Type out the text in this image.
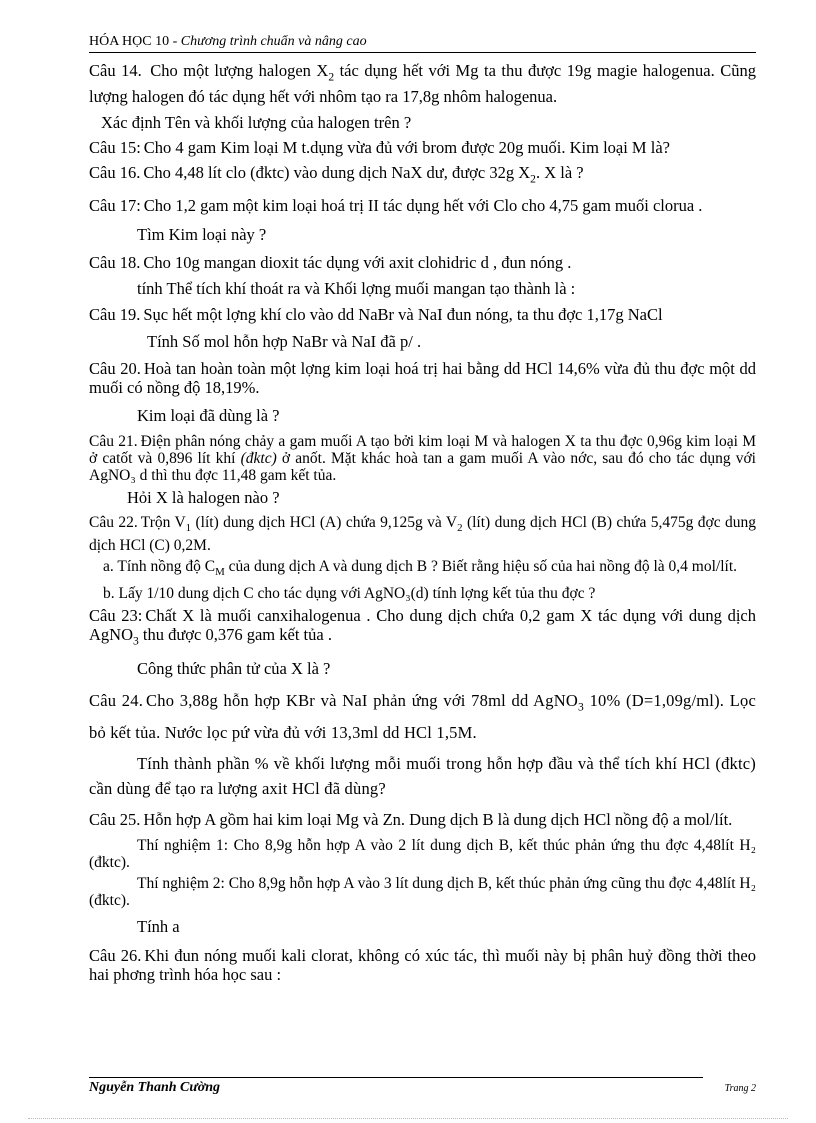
HÓA HỌC 10 - Chương trình chuẩn và nâng cao
Câu 14. Cho một lượng halogen $X_2$ tác dụng hết với Mg ta thu được 19g magie halogenua. Cũng lượng halogen đó tác dụng hết với nhôm tạo ra 17,8g nhôm halogenua.
Xác định Tên và khối lượng của halogen trên ?
Câu 15: Cho 4 gam Kim loại M t.dụng vừa đủ với brom được 20g muối. Kim loại M là?
Câu 16. Cho 4,48 lít clo (đktc) vào dung dịch NaX dư, được 32g $X_2$. X là ?
Câu 17: Cho 1,2 gam một kim loại hoá trị II tác dụng hết với Clo cho 4,75 gam muối clorua .
Tìm Kim loại này ?
Câu 18. Cho 10g mangan dioxit tác dụng với axit clohidric d , đun nóng .
tính Thể tích khí thoát ra và Khối lợng muối mangan tạo thành là :
Câu 19. Sục hết một lợng khí clo vào dd NaBr và NaI đun nóng, ta thu đợc 1,17g NaCl
Tính Số mol hỗn hợp NaBr và NaI đã p/ .
Câu 20. Hoà tan hoàn toàn một lợng kim loại hoá trị hai bằng dd HCl 14,6% vừa đủ thu đợc một dd muối có nồng độ 18,19%.
Kim loại đã dùng là ?
Câu 21. Điện phân nóng chảy a gam muối A tạo bởi kim loại M và halogen X ta thu đợc 0,96g kim loại M ở catốt và 0,896 lít khí (đktc) ở anốt. Mặt khác hoà tan a gam muối A vào nớc, sau đó cho tác dụng với AgNO₃ d thì thu đợc 11,48 gam kết tủa.
Hỏi X là halogen nào ?
Câu 22. Trộn $V_1$ (lít) dung dịch HCl (A) chứa 9,125g và $V_2$ (lít) dung dịch HCl (B) chứa 5,475g đợc dung dịch HCl (C) 0,2M.
a. Tính nồng độ $C_M$ của dung dịch A và dung dịch B ? Biết rằng hiệu số của hai nồng độ là 0,4 mol/lít.
b. Lấy 1/10 dung dịch C cho tác dụng với AgNO₃(d) tính lợng kết tủa thu đợc ?
Câu 23: Chất X là muối canxihalogenua . Cho dung dịch chứa 0,2 gam X tác dụng với dung dịch AgNO$_3$ thu được 0,376 gam kết tủa .
Công thức phân tử của X là ?
Câu 24. Cho 3,88g hỗn hợp KBr và NaI phản ứng với 78ml dd AgNO$_3$ 10% (D=1,09g/ml). Lọc bỏ kết tủa. Nước lọc pứ vừa đủ với 13,3ml dd HCl 1,5M.
Tính thành phần % về khối lượng mỗi muối trong hỗn hợp đầu và thể tích khí HCl (đktc) cần dùng để tạo ra lượng axit HCl đã dùng?
Câu 25. Hỗn hợp A gồm hai kim loại Mg và Zn. Dung dịch B là dung dịch HCl nồng độ a mol/lít.
Thí nghiệm 1: Cho 8,9g hỗn hợp A vào 2 lít dung dịch B, kết thúc phản ứng thu đợc 4,48lít H₂ (đktc).
Thí nghiệm 2: Cho 8,9g hỗn hợp A vào 3 lít dung dịch B, kết thúc phản ứng cũng thu đợc 4,48lít H₂ (đktc).
Tính a
Câu 26. Khi đun nóng muối kali clorat, không có xúc tác, thì muối này bị phân huỷ đồng thời theo hai phơng trình hóa học sau :
Nguyễn Thanh Cường	Trang 2
